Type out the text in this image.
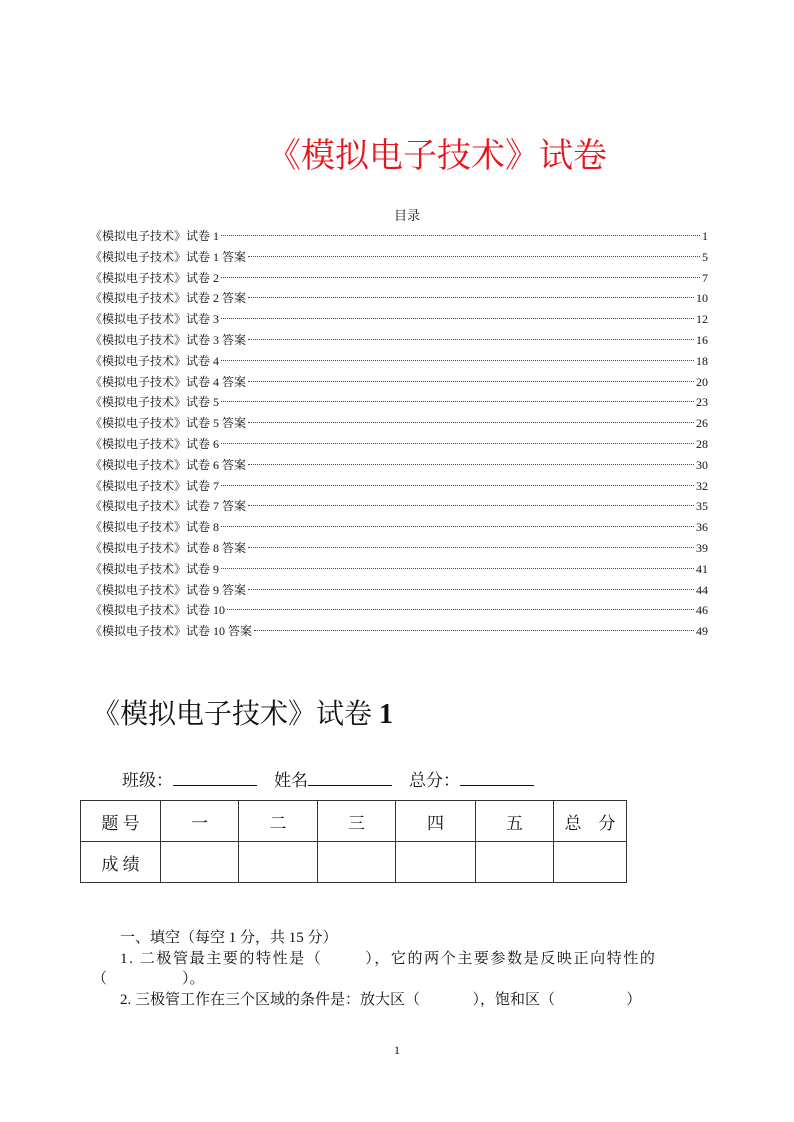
《模拟电子技术》试卷
目录
《模拟电子技术》试卷 1	1
《模拟电子技术》试卷 1 答案	5
《模拟电子技术》试卷 2	7
《模拟电子技术》试卷 2 答案	10
《模拟电子技术》试卷 3	12
《模拟电子技术》试卷 3 答案	16
《模拟电子技术》试卷 4	18
《模拟电子技术》试卷 4 答案	20
《模拟电子技术》试卷 5	23
《模拟电子技术》试卷 5 答案	26
《模拟电子技术》试卷 6	28
《模拟电子技术》试卷 6 答案	30
《模拟电子技术》试卷 7	32
《模拟电子技术》试卷 7 答案	35
《模拟电子技术》试卷 8	36
《模拟电子技术》试卷 8 答案	39
《模拟电子技术》试卷 9	41
《模拟电子技术》试卷 9 答案	44
《模拟电子技术》试卷 10	46
《模拟电子技术》试卷 10 答案	49
《模拟电子技术》试卷 1
班级：	姓名	总分：
题 号	一	二	三	四	五	总　分
成 绩						
一、填空（每空 1 分，共 15 分）
1. 二极管最主要的特性是（        ），它的两个主要参数是反映正向特性的
（                    ）。
2. 三极管工作在三个区域的条件是：放大区（              ），饱和区（                   ）
1
